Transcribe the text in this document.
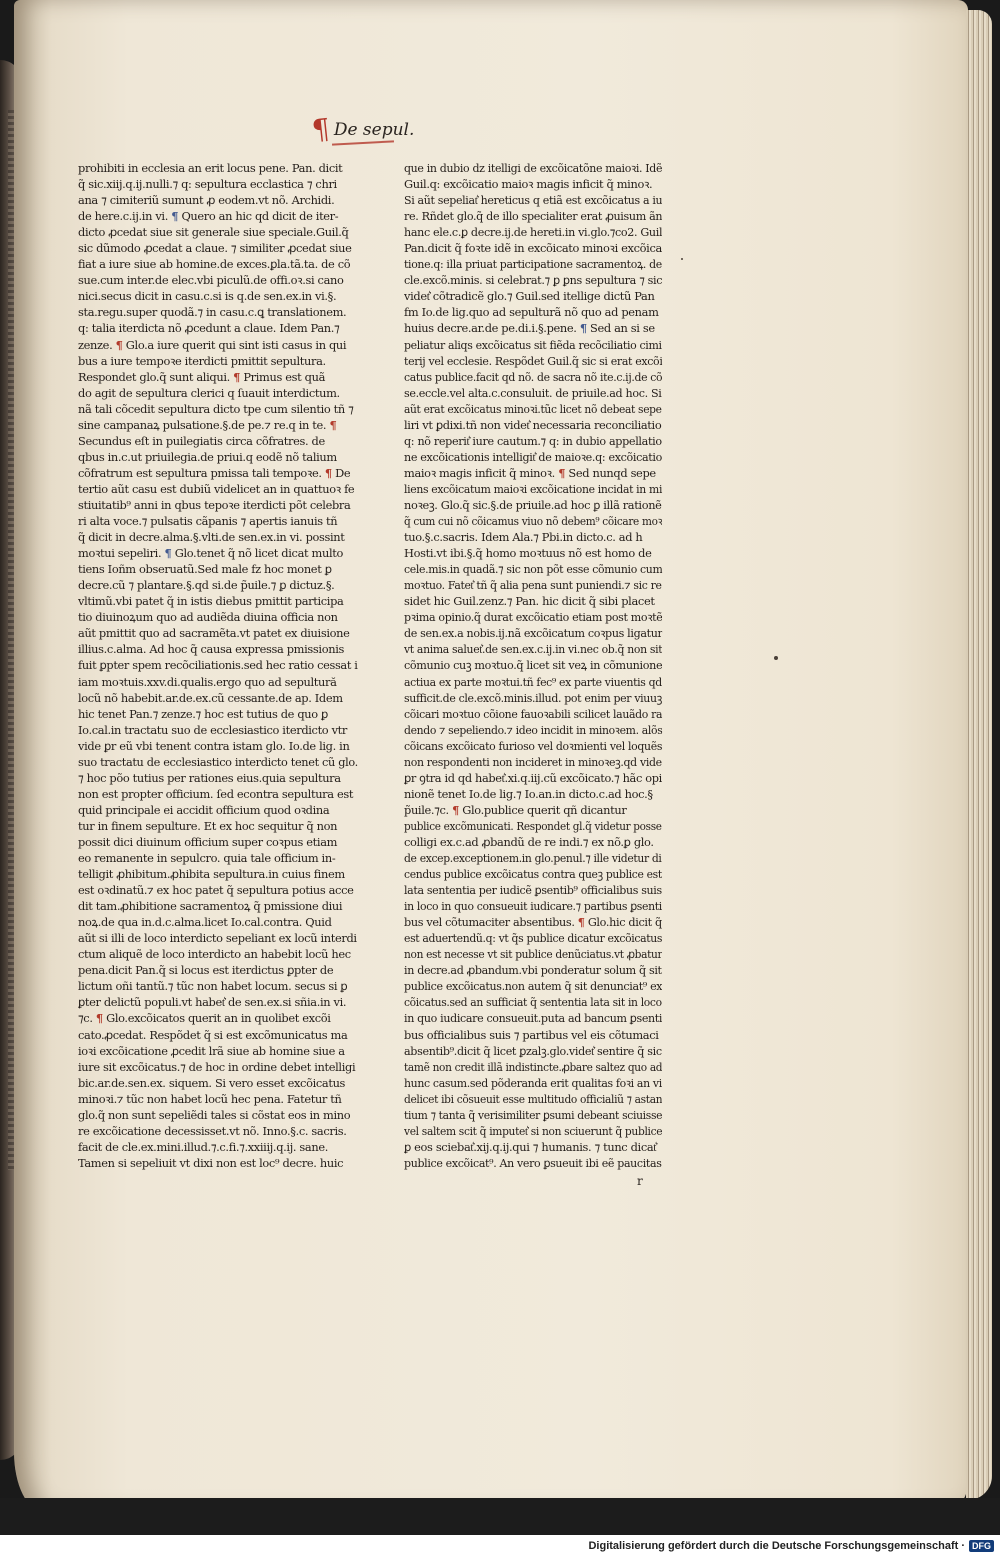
¶ De sepul.
prohibiti in ecclesia an erit locus pene. Pan. dicit
q̃ sic.xiij.q.ij.nulli.⁊ q: sepultura ecclastica ⁊ chri
ana ⁊ cimiteriũ sumunt ꝓ eodem.vt nõ. Archidi.
de here.c.ij.in vi. ¶ Quero an hic qd dicit de iter-
dicto ꝓcedat siue sit generale siue speciale.Guil.q̃
sic dũmodo ꝓcedat a clauе. ⁊ similiter ꝓcedat siue
fiat a iure siue ab homine.de exces.ꝑla.tã.ta. de cõ
sue.cum inter.de elec.vbi piculũ.de offi.oꝛ.si cano
nici.secus dicit in casu.c.si is q.de sen.ex.in vi.§.
sta.regu.super quodã.⁊ in casu.c.ꝗ translationem.
q: talia iterdicta nõ ꝓcedunt a claue. Idem Pan.⁊
zenze. ¶ Glo.a iure querit qui sint isti casus in qui
bus a iure tempoꝛe iterdicti pmittit sepultura.
Respondet glo.q̃ sunt aliqui. ¶ Primus est quã
do agit de sepultura clerici q ſuauit interdictum.
nã tali cõcedit sepultura dicto tpe cum silentio tñ ⁊
sine campanaꝝ pulsatione.§.de pe.⁊ re.q in te. ¶
Secundus eſt in puilegiatis circa cõfratres. de
qbus in.c.ut priuilegia.de priui.q eodẽ nõ talium
cõfratrum est sepultura pmissa tali tempoꝛe. ¶ De
tertio aũt casu est dubiũ videlicet an in quattuoꝛ fe
stiuitatib⁹ anni in qbus tepoꝛe iterdicti põt celebra
ri alta voce.⁊ pulsatis cãpanis ⁊ apertis ianuis tñ
q̃ dicit in decre.alma.§.vlti.de sen.ex.in vi. possint
moꝛtui sepeliri. ¶ Glo.tenet q̃ nõ licet dicat multo
tiens Ioñm obseruatũ.Sed male fz hoc monet ꝑ
decre.cũ ⁊ plantare.§.qd si.de p̃uile.⁊ ꝑ dictuz.§.
vltimũ.vbi patet q̃ in istis diebus pmittit participa
tio diuinoꝝum quo ad audiẽda diuina officia non
aũt pmittit quo ad sacramẽta.vt patet ex diuisione
illius.c.alma. Ad hoc q̃ causa expressa pmissionis
fuit ꝑpter spem recõciliationis.sed hec ratio cessat i
iam moꝛtuis.xxv.di.qualis.ergo quo ad sepultură
locũ nõ habebit.ar.de.ex.cũ cessante.de ap. Idem
hic tenet Pan.⁊ zenze.⁊ hoc est tutius de quo ꝑ
Io.cal.in tractatu suo de ecclesiastico iterdicto vtr
vide ꝑr eũ vbi tenent contra istam glo. Io.de lig. in
suo tractatu de ecclesiastico interdicto tenet cũ glo.
⁊ hoc põo tutius per rationes eius.quia sepultura
non est propter officium. ſed econtra sepultura est
quid principale ei accidit officium quod oꝛdina
tur in finem sepulture. Et ex hoc sequitur q̃ non
possit dici diuinum officium super coꝛpus etiam
eo remanente in sepulcro. quia tale officium in-
telligit ꝓhibitum.ꝓhibita sepultura.in cuius finem
est oꝛdinatũ.⁊ ex hoc patet q̃ sepultura potius acce
dit tam.ꝓhibitione sacramentoꝝ q̃ pmissione diui
noꝝ.de qua in.d.c.alma.licet Io.cal.contra. Quid
aũt si illi de loco interdicto sepeliant ex locũ interdi
ctum aliquẽ de loco interdicto an habebit locũ hec
pena.dicit Pan.q̃ si locus est iterdictus ꝑpter de
lictum oñi tantũ.⁊ tũc non habet locum. secus si ꝑ
ꝑter delictũ populi.vt habet͛ de sen.ex.si sñia.in vi.
⁊c. ¶ Glo.excõicatos querit an in quolibet excõi
cato.ꝓcedat. Respõdet q̃ si est excõmunicatus ma
ioꝛi excõicatione ꝓcedit lrã siue ab homine siue a
iure sit excõicatus.⁊ de hoc in ordine debet intelligi
bic.ar.de.sen.ex. siquem. Si vero esset excõicatus
minoꝛi.⁊ tũc non habet locũ hec pena. Fatetur tñ
glo.q̃ non sunt sepeliẽdi tales si cõstat eos in mino
re excõicatione decessisset.vt nõ. Inno.§.c. sacris.
facit de cle.ex.mini.illud.⁊.c.fi.⁊.xxiiij.q.ij. sane.
Tamen si sepeliuit vt dixi non est loc⁹ decre. huic
que in dubio dz itelligi de excõicatõne maioꝛi. Idẽ
Guil.q: excõicatio maioꝛ magis inficit q̃ minoꝛ.
Si aũt sepeliat͛ hereticus q etiã est excõicatus a iu
re. Rñdet glo.q̃ de illo specialiter erat ꝓuisum ãn
hanc ele.c.ꝑ decre.ij.de hereti.in vi.glo.⁊co2. Guil
Pan.dicit q̃ foꝛte idẽ in excõicato minoꝛi excõica
tione.q: illa priuat participatione sacramentoꝝ. de
cle.excõ.minis. si celebrat.⁊ ꝑ ꝑns sepultura ⁊ sic
videt͛ cõtradicẽ glo.⁊ Guil.sed itellige dictũ Pan
fm Io.de lig.quo ad sepulturã nõ quo ad penam
huius decre.ar.de pe.di.i.§.pene. ¶ Sed an si se
peliatur aliqs excõicatus sit fiẽda recõciliatio cimi
terij vel ecclesie. Respõdet Guil.q̃ sic si erat excõi
catus publice.facit qd nõ. de sacra nõ ite.c.ij.de cõ
se.eccle.vel alta.c.consuluit. de priuile.ad hoc. Si
aũt erat excõicatus minoꝛi.tũc licet nõ debeat sepe
liri vt ꝑdixi.tñ non videt͛ necessaria reconciliatio
q: nõ reperit͛ iure cautum.⁊ q: in dubio appellatio
ne excõicationis intelligit͛ de maioꝛe.q: excõicatio
maioꝛ magis inficit q̃ minoꝛ. ¶ Sed nunqd sepe
liens excõicatum maioꝛi excõicatione incidat in mi
noꝛeꝫ. Glo.q̃ sic.§.de priuile.ad hoc ꝑ illã rationẽ
q̃ cum cui nõ cõicamus viuo nõ debem⁹ cõicare moꝛ
tuo.§.c.sacris. Idem Ala.⁊ Pbi.in dicto.c. ad h
Hosti.vt ibi.§.q̃ homo moꝛtuus nõ est homo de
cele.mis.in quadã.⁊ sic non põt esse cõmunio cum
moꝛtuo. Fatet͛ tñ q̃ alia pena sunt puniendi.⁊ sic re
sidet hic Guil.zenz.⁊ Pan. hic dicit q̃ sibi placet
pꝛima opinio.q̃ durat excõicatio etiam post moꝛtẽ
de sen.ex.a nobis.ij.nã excõicatum coꝛpus ligatur
vt anima saluet͛.de sen.ex.c.ij.in vi.nec ob.q̃ non sit
cõmunio cuꝫ moꝛtuo.q̃ licet sit veꝝ in cõmunione
actiua ex parte moꝛtui.tñ fec⁹ ex parte viuentis qd
sufficit.de cle.excõ.minis.illud. pot enim per viuuꝫ
cõicari moꝛtuo cõione fauoꝛabili scilicet lauãdo ra
dendo ⁊ sepeliendo.⁊ ideo incidit in minoꝛem. alõs
cõicans excõicato furioso vel doꝛmienti vel loquẽs
non respondenti non incideret in minoꝛeꝫ.qd vide
ꝑr ꝯtra id qd habet͛.xi.q.iij.cũ excõicato.⁊ hãc opi
nionẽ tenet Io.de lig.⁊ Io.an.in dicto.c.ad hoc.§
p̃uile.⁊c. ¶ Glo.publice querit qñ dicantur
publice excõmunicati. Respondet gl.q̃ videtur posse
colligi ex.c.ad ꝓbandũ de re indi.⁊ ex nõ.ꝑ glo.
de excep.exceptionem.in glo.penul.⁊ ille videtur di
cendus publice excõicatus contra queꝫ publice est
lata sententia per iudicẽ ꝑsentib⁹ officialibus suis
in loco in quo consueuit iudicare.⁊ partibus ꝑsenti
bus vel cõtumaciter absentibus. ¶ Glo.hic dicit q̃
est aduertendũ.q: vt q̃s publice dicatur excõicatus
non est necesse vt sit publice denũciatus.vt ꝓbatur
in decre.ad ꝓbandum.vbi ponderatur solum q̃ sit
publice excõicatus.non autem q̃ sit denunciat⁹ ex
cõicatus.sed an sufficiat q̃ sententia lata sit in loco
in quo iudicare consueuit.puta ad bancum ꝑsenti
bus officialibus suis ⁊ partibus vel eis cõtumaci
absentib⁹.dicit q̃ licet ꝑzalꝫ.glo.videt͛ sentire q̃ sic
tamẽ non credit illã indistincte.ꝓbare saltez quo ad
hunc casum.sed põderanda erit qualitas foꝛi an vi
delicet ibi cõsueuit esse multitudo officialiũ ⁊ astan
tium ⁊ tanta q̃ verisimiliter ꝑsumi debeant sciuisse
vel saltem scit q̃ imputet͛ si non sciuerunt q̃ publice
ꝑ eos sciebat͛.xij.q.ij.qui ⁊ humanis. ⁊ tunc dicat͛
publice excõicat⁹. An vero ꝑsueuit ibi eẽ paucitas
r
Digitalisierung gefördert durch die Deutsche Forschungsgemeinschaft · DFG
